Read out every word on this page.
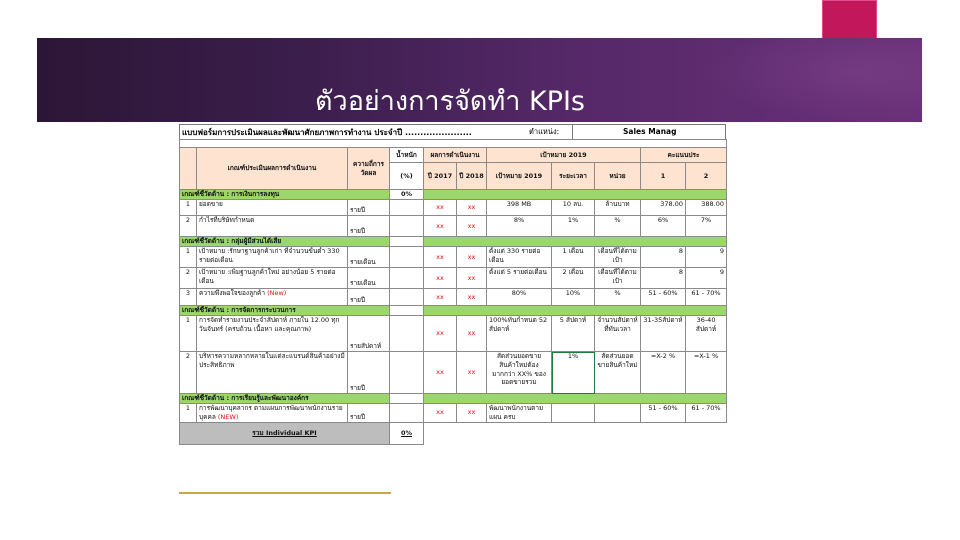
ตัวอย่างการจัดทำ KPIs
แบบฟอร์มการประเมินผลและพัฒนาศักยภาพการทำงาน ประจำปี ......................	ตำแหน่ง:	Sales Manag

	เกณฑ์ประเมินผลการดำเนินงาน	ความถี่การวัดผล	น้ำหนัก	ผลการดำเนินงาน		เป้าหมาย 2019			คะแนนประ	
			(%)	ปี 2017	ปี 2018	เป้าหมาย 2019	ระยะเวลา	หน่วย	1	2
เกณฑ์ชี้วัดด้าน : การเงินการลงทุน			0%							
1	ยอดขาย	รายปี		xx	xx	398 MB	10 ลบ.	ล้านบาท	378.00	388.00
2	กำไรที่บริษัทกำหนด	รายปี		xx	xx	8%	1%	%	6%	7%
เกณฑ์ชี้วัดด้าน : กลุ่มผู้มีส่วนได้เสีย										
1	เป้าหมาย :รักษาฐานลูกค้าเก่า ที่จำนวนขั้นต่ำ 330 รายต่อเดือน	รายเดือน		xx	xx	ตั้งแต่ 330 รายต่อเดือน	1 เดือน	เดือนที่ได้ตามเป้า	8	9
2	เป้าหมาย :เพิ่มฐานลูกค้าใหม่ อย่างน้อย 5 รายต่อเดือน	รายเดือน		xx	xx	ตั้งแต่ 5 รายต่อเดือน	2 เดือน	เดือนที่ได้ตามเป้า	8	9
3	ความพึงพอใจของลูกค้า (New)	รายปี		xx	xx	80%	10%	%	51 - 60%	61 - 70%
เกณฑ์ชี้วัดด้าน : การจัดการกระบวนการ										
1	การจัดทำรายงานประจำสัปดาห์ ภายใน 12.00 ทุกวันจันทร์ (ครบถ้วน เนื้อหา และคุณภาพ)	รายสัปดาห์		xx	xx	100%ทันกำหนด 52 สัปดาห์	5 สัปดาห์	จำนวนสัปดาห์ที่ทันเวลา	31-35สัปดาห์	36-40 สัปดาห์
2	บริหารความหลากหลายในแต่ละแบรนด์สินค้าอย่างมีประสิทธิภาพ	รายปี		xx	xx	สัดส่วนยอดขายสินค้าใหม่ต้องมากกว่า XX% ของยอดขายรวม	1%	สัดส่วนยอดขายสินค้าใหม่	=X-2 %	=X-1 %
เกณฑ์ชี้วัดด้าน : การเรียนรู้และพัฒนาองค์กร										
1	การพัฒนาบุคลากร ตามแผนการพัฒนาพนักงานรายบุคคล (NEW)	รายปี		xx	xx	พัฒนาพนักงานตามแผน ครบ			51 - 60%	61 - 70%
รวม Individual KPI			0%							
